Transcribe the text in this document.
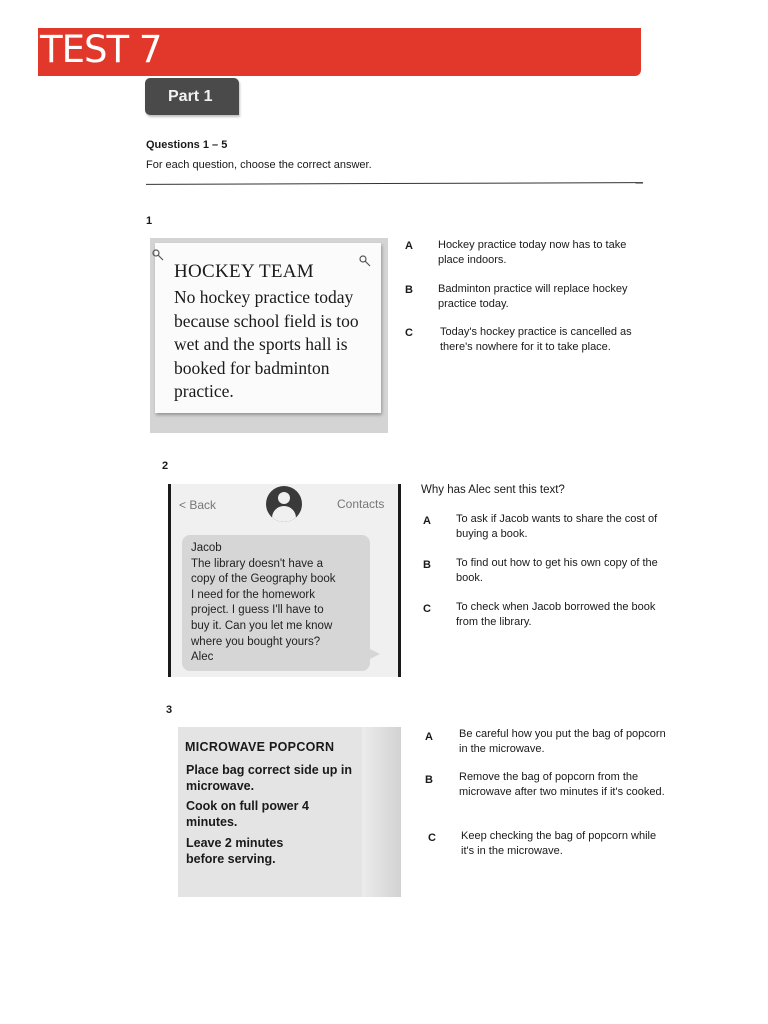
TEST 7
Part 1
Questions 1 – 5
For each question, choose the correct answer.
1
HOCKEY TEAM
No hockey practice today because school field is too wet and the sports hall is booked for badminton practice.
A Hockey practice today now has to take place indoors.
B Badminton practice will replace hockey practice today.
C Today's hockey practice is cancelled as there's nowhere for it to take place.
2
< Back	Contacts
Jacob
The library doesn't have a
copy of the Geography book
I need for the homework
project. I guess I'll have to
buy it. Can you let me know
where you bought yours?
Alec
Why has Alec sent this text?
A To ask if Jacob wants to share the cost of buying a book.
B To find out how to get his own copy of the book.
C To check when Jacob borrowed the book from the library.
3
MICROWAVE POPCORN
Place bag correct side up in microwave.
Cook on full power 4 minutes.
Leave 2 minutes before serving.
A Be careful how you put the bag of popcorn in the microwave.
B Remove the bag of popcorn from the microwave after two minutes if it's cooked.
C Keep checking the bag of popcorn while it's in the microwave.
